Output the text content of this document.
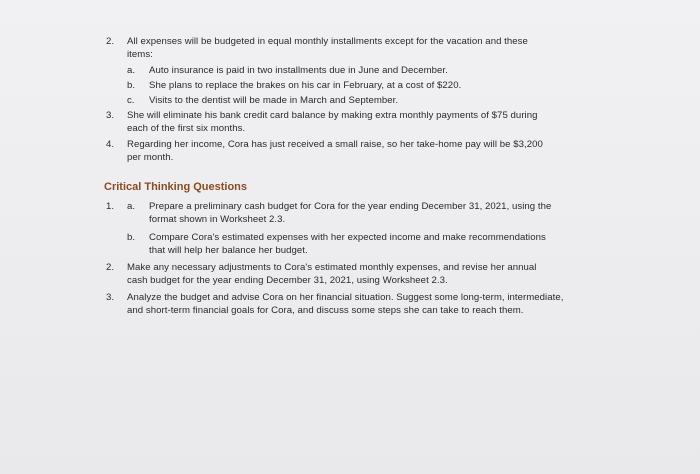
2. All expenses will be budgeted in equal monthly installments except for the vacation and these
items:
a. Auto insurance is paid in two installments due in June and December.
b. She plans to replace the brakes on his car in February, at a cost of $220.
c. Visits to the dentist will be made in March and September.
3. She will eliminate his bank credit card balance by making extra monthly payments of $75 during
each of the first six months.
4. Regarding her income, Cora has just received a small raise, so her take-home pay will be $3,200
per month.
Critical Thinking Questions
1. a. Prepare a preliminary cash budget for Cora for the year ending December 31, 2021, using the
format shown in Worksheet 2.3.
b. Compare Cora's estimated expenses with her expected income and make recommendations
that will help her balance her budget.
2. Make any necessary adjustments to Cora's estimated monthly expenses, and revise her annual
cash budget for the year ending December 31, 2021, using Worksheet 2.3.
3. Analyze the budget and advise Cora on her financial situation. Suggest some long-term, intermediate,
and short-term financial goals for Cora, and discuss some steps she can take to reach them.
